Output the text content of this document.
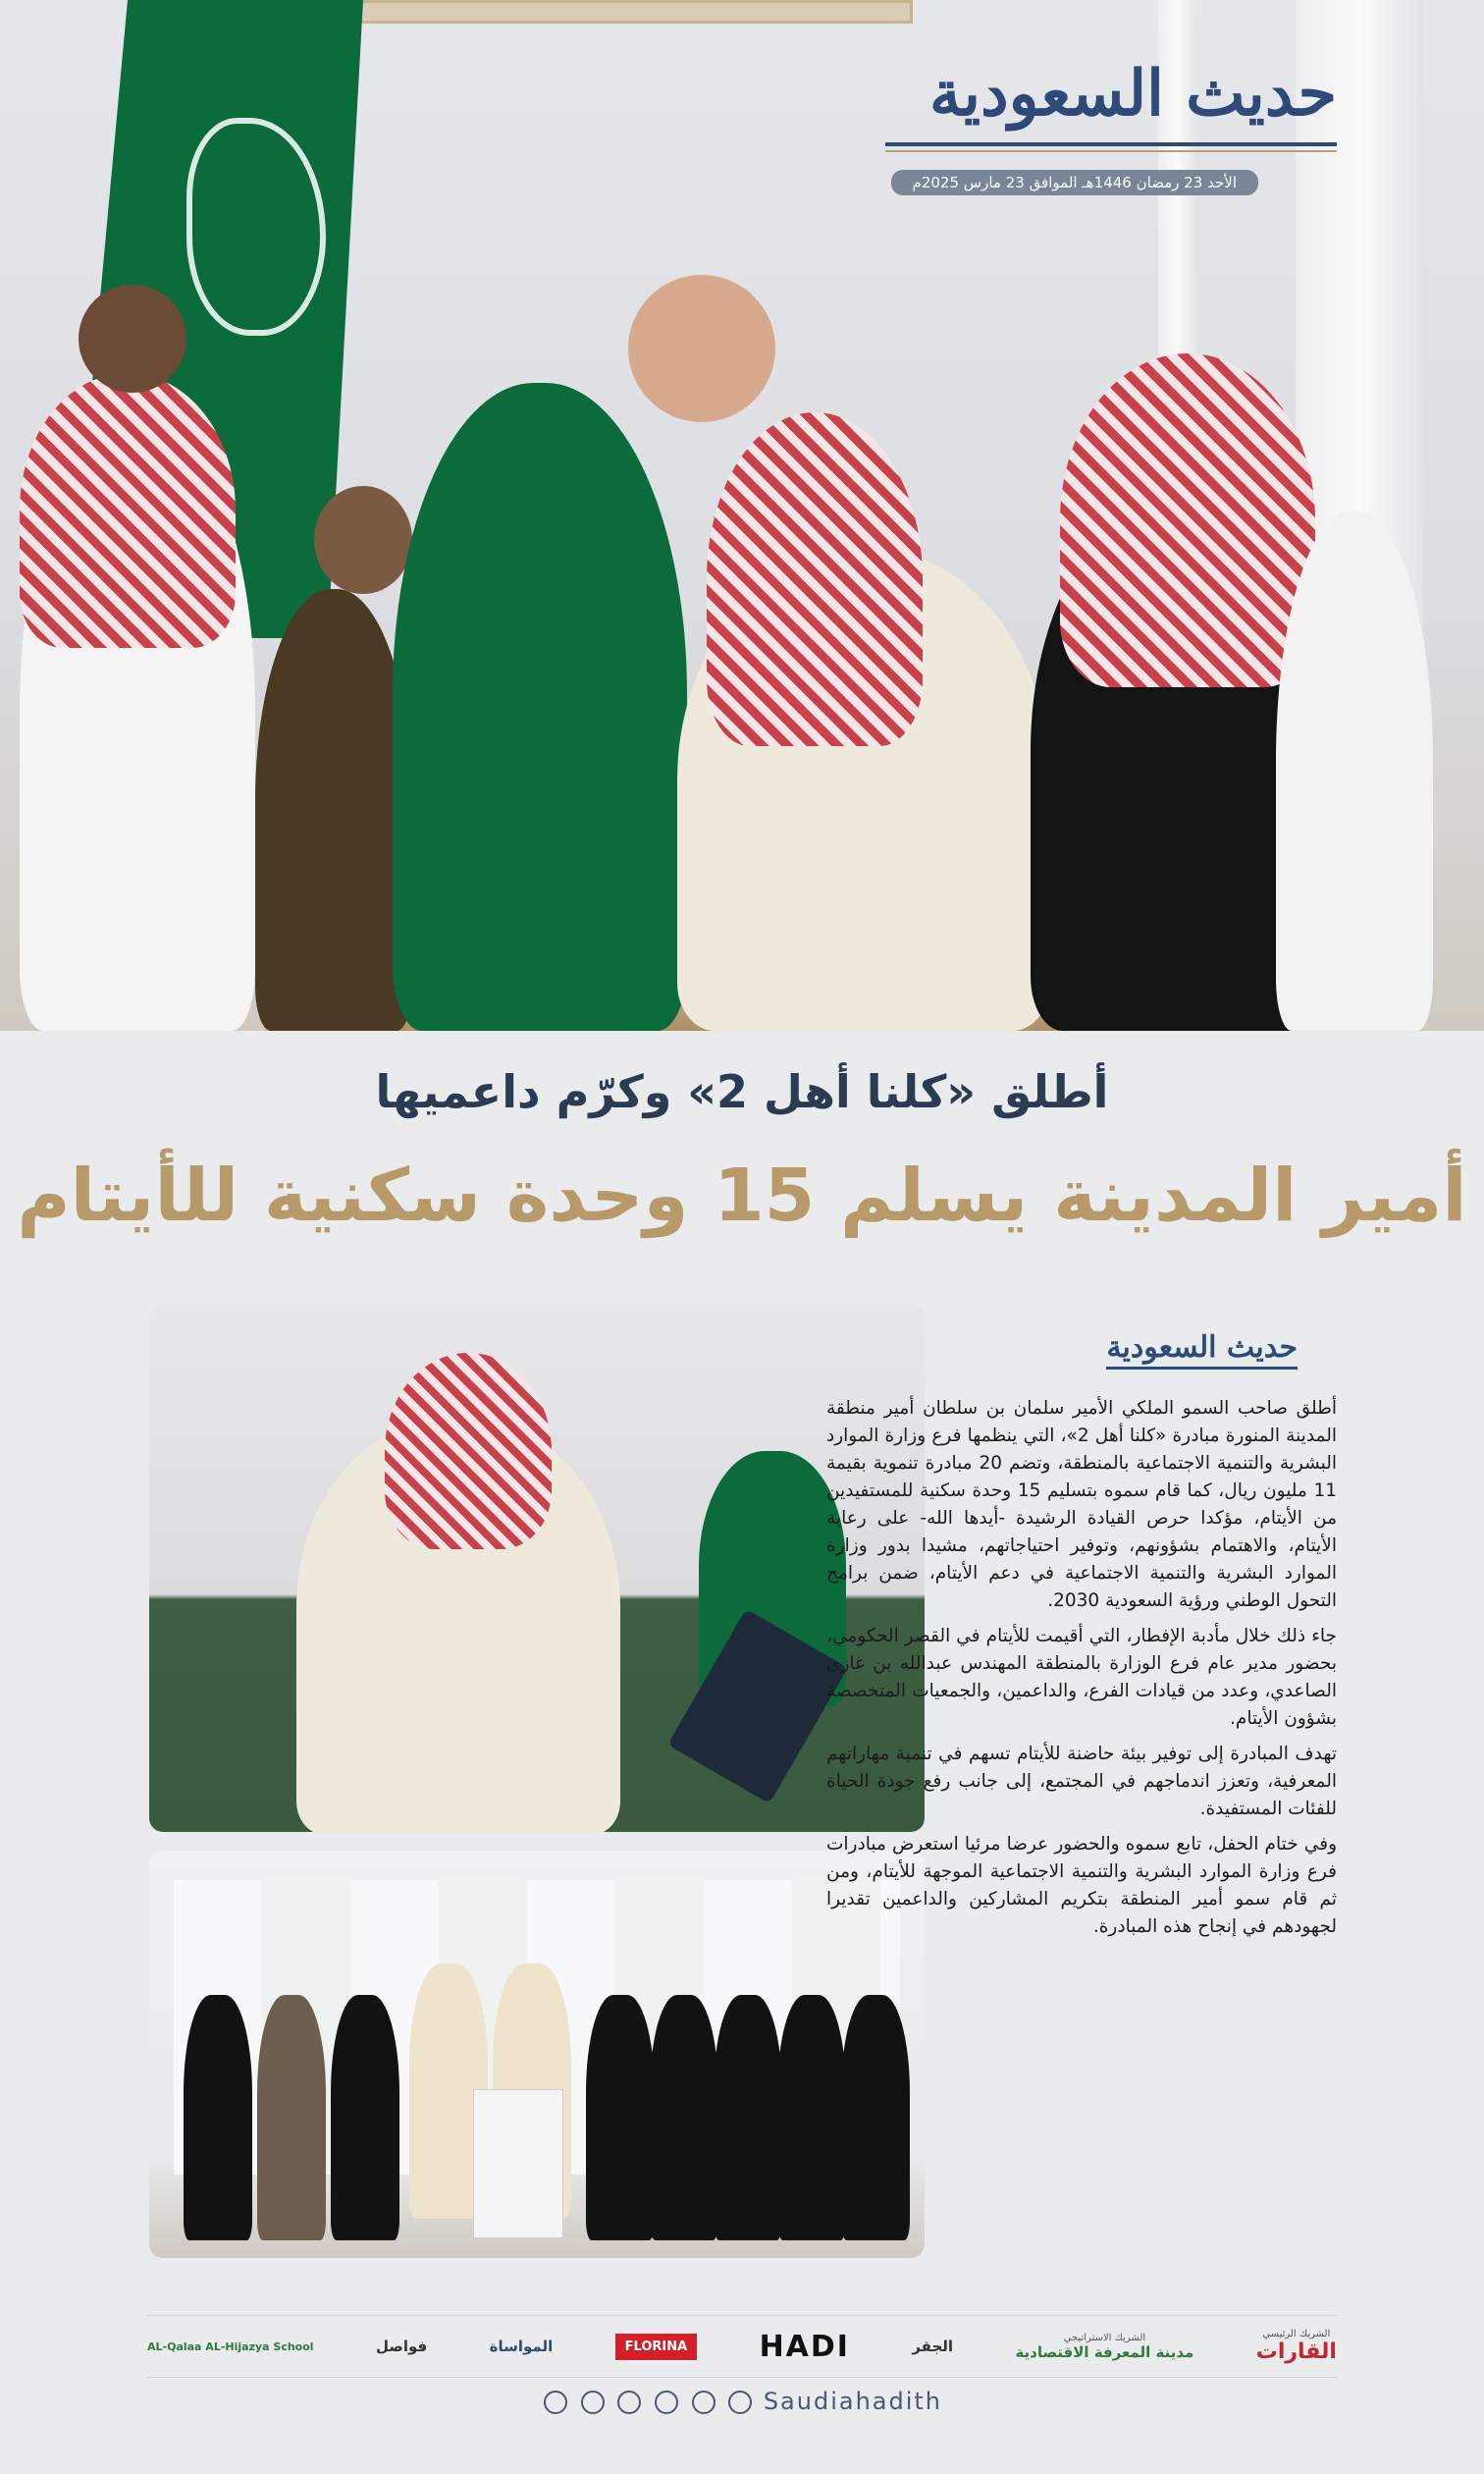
حديث السعودية
الأحد 23 رمضان 1446هـ الموافق 23 مارس 2025م
أطلق «كلنا أهل 2» وكرّم داعميها
أمير المدينة يسلم 15 وحدة سكنية للأيتام
حديث السعودية

أطلق صاحب السمو الملكي الأمير سلمان بن سلطان أمير منطقة المدينة المنورة مبادرة «كلنا أهل 2»، التي ينظمها فرع وزارة الموارد البشرية والتنمية الاجتماعية بالمنطقة، وتضم 20 مبادرة تنموية بقيمة 11 مليون ريال، كما قام سموه بتسليم 15 وحدة سكنية للمستفيدين من الأيتام، مؤكدا حرص القيادة الرشيدة -أيدها الله- على رعاية الأيتام، والاهتمام بشؤونهم، وتوفير احتياجاتهم، مشيدا بدور وزارة الموارد البشرية والتنمية الاجتماعية في دعم الأيتام، ضمن برامج التحول الوطني ورؤية السعودية 2030.

جاء ذلك خلال مأدبة الإفطار، التي أقيمت للأيتام في القصر الحكومي، بحضور مدير عام فرع الوزارة بالمنطقة المهندس عبدالله بن غازي الصاعدي، وعدد من قيادات الفرع، والداعمين، والجمعيات المتخصصة بشؤون الأيتام.

تهدف المبادرة إلى توفير بيئة حاضنة للأيتام تسهم في تنمية مهاراتهم المعرفية، وتعزز اندماجهم في المجتمع، إلى جانب رفع جودة الحياة للفئات المستفيدة.

وفي ختام الحفل، تابع سموه والحضور عرضا مرئيا استعرض مبادرات فرع وزارة الموارد البشرية والتنمية الاجتماعية الموجهة للأيتام، ومن ثم قام سمو أمير المنطقة بتكريم المشاركين والداعمين تقديرا لجهودهم في إنجاح هذه المبادرة.

الشريك الرئيسي
القارات
الشريك الاستراتيجي
مدينة المعرفة الاقتصادية
الجقر
HADI
FLORINA
المواساة
فواصل
AL-Qalaa AL-Hijazya School
Saudiahadith
